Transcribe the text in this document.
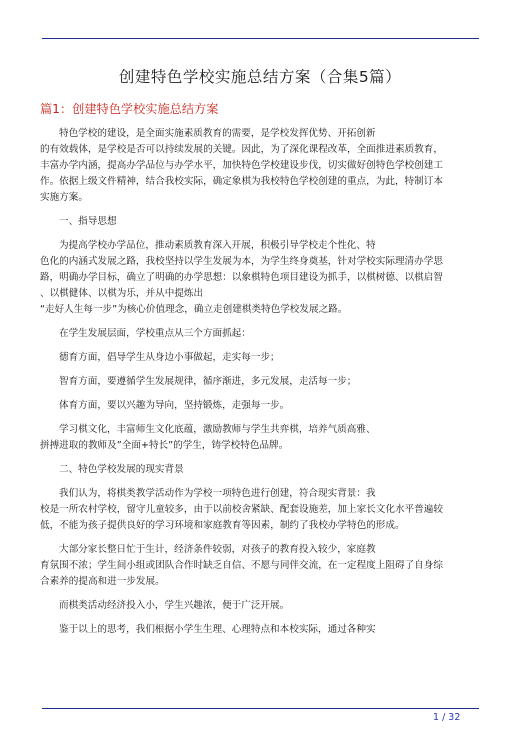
创建特色学校实施总结方案（合集5篇）
篇1：创建特色学校实施总结方案
特色学校的建设，是全面实施素质教育的需要，是学校发挥优势、开拓创新
的有效载体，是学校是否可以持续发展的关键。因此，为了深化课程改革，全面推进素质教育，
丰富办学内涵，提高办学品位与办学水平，加快特色学校建设步伐，切实做好创特色学校创建工
作。依据上级文件精神，结合我校实际，确定象棋为我校特色学校创建的重点，为此，特制订本
实施方案。
一、指导思想
为提高学校办学品位，推动素质教育深入开展，积极引导学校走个性化、特
色化的内涵式发展之路，我校坚持以学生发展为本，为学生终身奠基，针对学校实际理清办学思
路，明确办学目标，确立了明确的办学思想：以象棋特色项目建设为抓手，以棋树德、以棋启智
、以棋健体、以棋为乐，并从中提炼出
“走好人生每一步”为核心价值理念，确立走创建棋类特色学校发展之路。
在学生发展层面，学校重点从三个方面抓起：
德育方面，倡导学生从身边小事做起，走实每一步；
智育方面，要遵循学生发展规律，循序渐进，多元发展，走活每一步；
体育方面，要以兴趣为导向，坚持锻炼，走强每一步。
学习棋文化，丰富师生文化底蕴，激励教师与学生共弈棋，培养气质高雅、
拼搏进取的教师及”全面+特长”的学生，铸学校特色品牌。
二、特色学校发展的现实背景
我们认为，将棋类教学活动作为学校一项特色进行创建，符合现实背景：我
校是一所农村学校，留守儿童较多，由于以前校舍紧缺、配套设施差，加上家长文化水平普遍较
低，不能为孩子提供良好的学习环境和家庭教育等因素，制约了我校办学特色的形成。
大部分家长整日忙于生计，经济条件较弱，对孩子的教育投入较少，家庭教
育氛围不浓；学生间小组或团队合作时缺乏自信、不愿与同伴交流，在一定程度上阻碍了自身综
合素养的提高和进一步发展。
而棋类活动经济投入小，学生兴趣浓，便于广泛开展。
鉴于以上的思考，我们根据小学生生理、心理特点和本校实际，通过各种实
1 / 32
